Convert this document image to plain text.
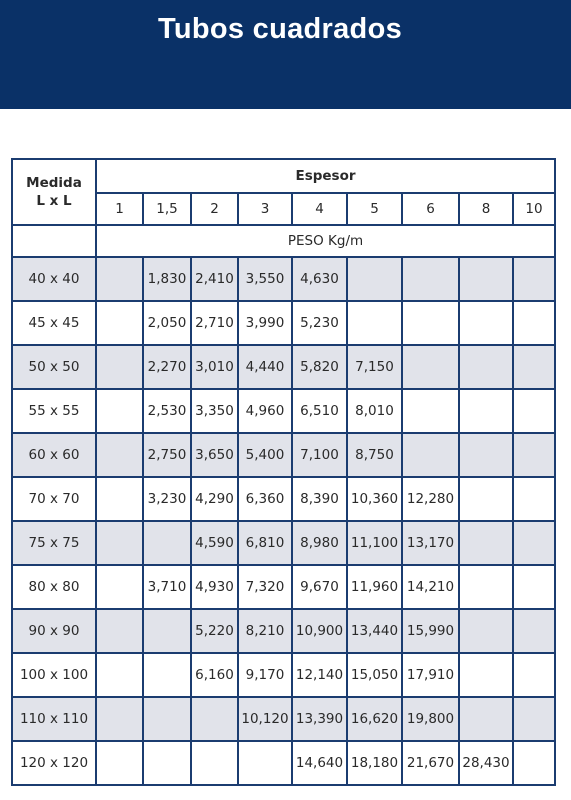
Tubos cuadrados
Medida
L x L	Espesor								
	1	1,5	2	3	4	5	6	8	10
	PESO Kg/m								
40 x 40		1,830	2,410	3,550	4,630				
45 x 45		2,050	2,710	3,990	5,230				
50 x 50		2,270	3,010	4,440	5,820	7,150			
55 x 55		2,530	3,350	4,960	6,510	8,010			
60 x 60		2,750	3,650	5,400	7,100	8,750			
70 x 70		3,230	4,290	6,360	8,390	10,360	12,280		
75 x 75			4,590	6,810	8,980	11,100	13,170		
80 x 80		3,710	4,930	7,320	9,670	11,960	14,210		
90 x 90			5,220	8,210	10,900	13,440	15,990		
100 x 100			6,160	9,170	12,140	15,050	17,910		
110 x 110				10,120	13,390	16,620	19,800		
120 x 120					14,640	18,180	21,670	28,430	
